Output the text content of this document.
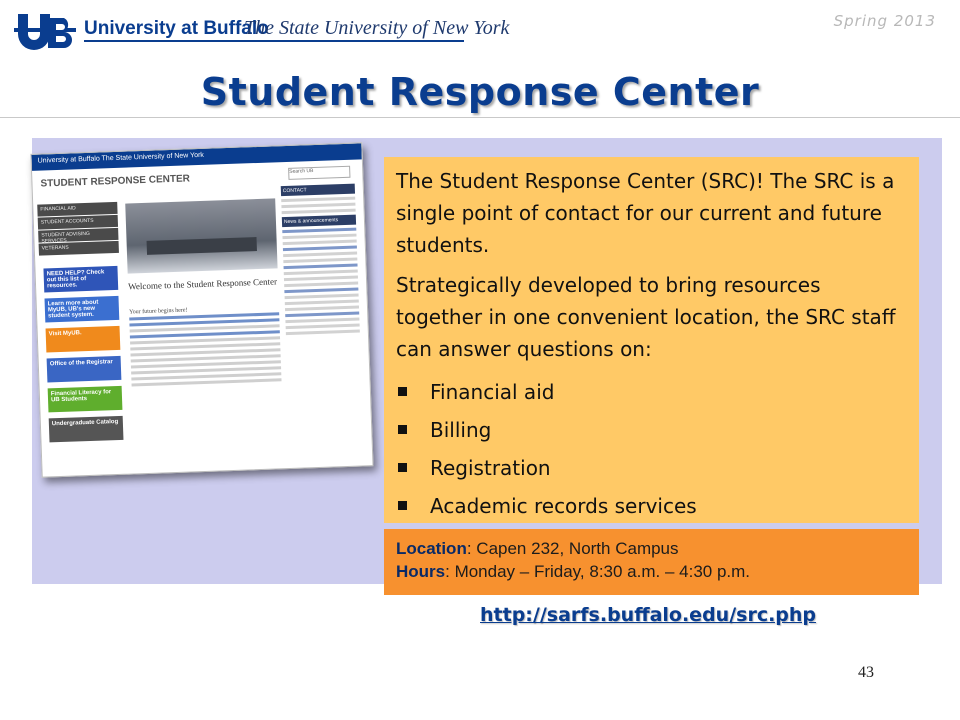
University at Buffalo
The State University of New York	Spring 2013
Student Response Center
University at Buffalo The State University of New York
STUDENT RESPONSE CENTER
Search UB
FINANCIAL AID
STUDENT ACCOUNTS
STUDENT ADVISING SERVICES
VETERANS
NEED HELP? Check out this list of resources.
Learn more about MyUB, UB's new student system.
Visit MyUB.
Office of the Registrar
Financial Literacy for UB Students
Undergraduate Catalog
Welcome to the Student Response Center
Your future begins here!
CONTACT
News & announcements

The Student Response Center (SRC)! The SRC is a single point of contact for our current and future students.

Strategically developed to bring resources together in one convenient location, the SRC staff can answer questions on:

Financial aid
Billing
Registration
Academic records services
Location: Capen 232, North Campus
Hours: Monday – Friday, 8:30 a.m. – 4:30 p.m.
http://sarfs.buffalo.edu/src.php
43
